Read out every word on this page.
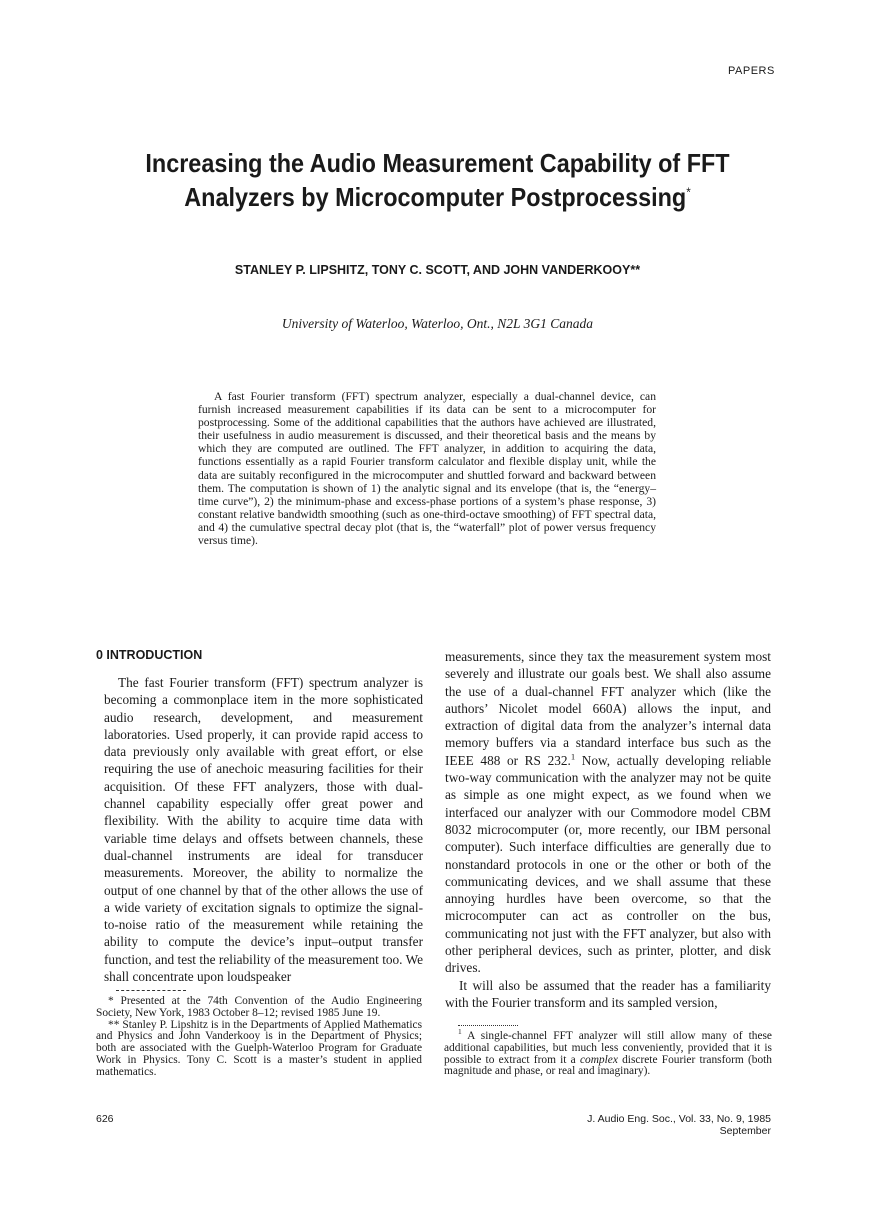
PAPERS
Increasing the Audio Measurement Capability of FFT
Analyzers by Microcomputer Postprocessing*
STANLEY P. LIPSHITZ, TONY C. SCOTT, AND JOHN VANDERKOOY**
University of Waterloo, Waterloo, Ont., N2L 3G1 Canada

A fast Fourier transform (FFT) spectrum analyzer, especially a dual-channel device, can furnish increased measurement capabilities if its data can be sent to a microcomputer for postprocessing. Some of the additional capabilities that the authors have achieved are illustrated, their usefulness in audio measurement is discussed, and their theoretical basis and the means by which they are computed are outlined. The FFT analyzer, in addition to acquiring the data, functions essentially as a rapid Fourier transform calculator and flexible display unit, while the data are suitably reconfigured in the microcomputer and shuttled forward and backward between them. The computation is shown of 1) the analytic signal and its envelope (that is, the “energy–time curve”), 2) the minimum-phase and excess-phase portions of a system’s phase response, 3) constant relative bandwidth smoothing (such as one-third-octave smoothing) of FFT spectral data, and 4) the cumulative spectral decay plot (that is, the “waterfall” plot of power versus frequency versus time).

0 INTRODUCTION

The fast Fourier transform (FFT) spectrum analyzer is becoming a commonplace item in the more sophisticated audio research, development, and measurement laboratories. Used properly, it can provide rapid access to data previously only available with great effort, or else requiring the use of anechoic measuring facilities for their acquisition. Of these FFT analyzers, those with dual-channel capability especially offer great power and flexibility. With the ability to acquire time data with variable time delays and offsets between channels, these dual-channel instruments are ideal for transducer measurements. Moreover, the ability to normalize the output of one channel by that of the other allows the use of a wide variety of excitation signals to optimize the signal-to-noise ratio of the measurement while retaining the ability to compute the device’s input–output transfer function, and test the reliability of the measurement too. We shall concentrate upon loudspeaker

measurements, since they tax the measurement system most severely and illustrate our goals best. We shall also assume the use of a dual-channel FFT analyzer which (like the authors’ Nicolet model 660A) allows the input, and extraction of digital data from the analyzer’s internal data memory buffers via a standard interface bus such as the IEEE 488 or RS 232.$^1$ Now, actually developing reliable two-way communication with the analyzer may not be quite as simple as one might expect, as we found when we interfaced our analyzer with our Commodore model CBM 8032 microcomputer (or, more recently, our IBM personal computer). Such interface difficulties are generally due to nonstandard protocols in one or the other or both of the communicating devices, and we shall assume that these annoying hurdles have been overcome, so that the microcomputer can act as controller on the bus, communicating not just with the FFT analyzer, but also with other peripheral devices, such as printer, plotter, and disk drives.

It will also be assumed that the reader has a familiarity with the Fourier transform and its sampled version,

* Presented at the 74th Convention of the Audio Engineering Society, New York, 1983 October 8–12; revised 1985 June 19.

** Stanley P. Lipshitz is in the Departments of Applied Mathematics and Physics and John Vanderkooy is in the Department of Physics; both are associated with the Guelph-Waterloo Program for Graduate Work in Physics. Tony C. Scott is a master’s student in applied mathematics.

$^1$ A single-channel FFT analyzer will still allow many of these additional capabilities, but much less conveniently, provided that it is possible to extract from it a complex discrete Fourier transform (both magnitude and phase, or real and imaginary).

626	J. Audio Eng. Soc., Vol. 33, No. 9, 1985 September
